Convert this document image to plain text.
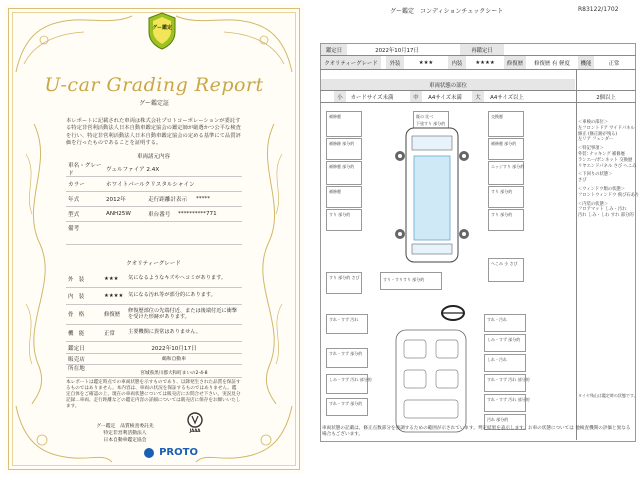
グー鑑定
U-car Grading Report
グー鑑定証
本レポートに記載された車両は株式会社プロトコーポレーションが委託する特定非営利活動法人日本自動車鑑定協会の鑑定師が厳選かつ公平な検査を行い、特定非営利活動法人日本自動車鑑定協会の定める基準にて品質評価を行ったものであることを証明する。
車両諸元内容
車名・グレード
ヴェルファイア 2.4X
カラー	ホワイトパールクリスタルシャイン
年式	2012年	走行距離計表示	*****
型式	ANH25W	車台番号	**********771
備考
クオリティーグレード
外　装	★★★	気になるようなキズやヘコミがあります。
内　装	★★★★ 気になる汚れ等が部分的にあります。
骨　格	修復歴
修復歴部位の先端付近、または後端付近に衝撃を受けた形跡があります。
機　能	正常	主要機関に異常はありません。
鑑定日	2022年10月17日
販売店	鶴和自動車
所在地
宮城県黒川郡大和町まいの2-4-8
本レポートは鑑定時点での車両状態を示すものであり、以降発生された品質を保証するものではありません。本内容は、車両の状況を保証するものではありません。鑑定自体をご確認の上、現在の車両状態については販売店にお問合せ下さい。実況見分記録…車両、走行距離などの鑑定内容の詳細については販売店に保存をお願いいたします。
グー鑑定　品質検査委託先
特定非営利活動法人
日本自動車鑑定協会
JAAA
PROTO
グー鑑定　コンディションチェックシート	R83122/1702
鑑定日	2022年10月17日	再鑑定日
クオリティーグレード	外装	★★★	内装	★★★★	修復歴	修復歴 有 軽度	機能	正常
車両状態の部位
小	カードサイズ未満	中	A4サイズ未満	大	A4サイズ以上	2個以上
補修歴	既の 比べ
下塗すり 部分的
交換歴
補修跡 部分的	補修歴 部分的
補修歴 部分的	エッジすり 部分的
補修歴	すり 部分的
すり 部分的	すり 部分的
すり 部分的 さび	すり・すりすり 部分的
へこみ 小 さび
すれ・すず 汚れ	すれ・汚れ
しみ・すず 部分的
すれ・すず 部分的
しれ・汚れ
しみ・すず 汚れ 部分的	すれ・すず 汚れ 部分的
すれ・すず 部分的
すれ・すず 汚れ 部分的
汚れ 部分的
＜車検の部位＞
左フロントドア サイドパネル
修正 (修正跡が残る)
左リア フェンダー
＜特記事項＞
外装: ナッキング 補修歴
ランエー/ボンネット 交換歴
リヤエンドパネル さび へこみ
＜下回りの状態＞
さび
＜ウィンドウ類の状態＞
フロントウィンドウ 飛び石あり
＜内装の状態＞
フロアマット しみ・汚れ
汚れ しみ・しわ すれ 部分的
タイヤ残山は鑑定時の状態です。
車両状態の記載は、修正点数部分を強調するための範囲が示されています。判定結果を表示します。お車の状態については 他検査機関の評価と異なる場合もございます。
